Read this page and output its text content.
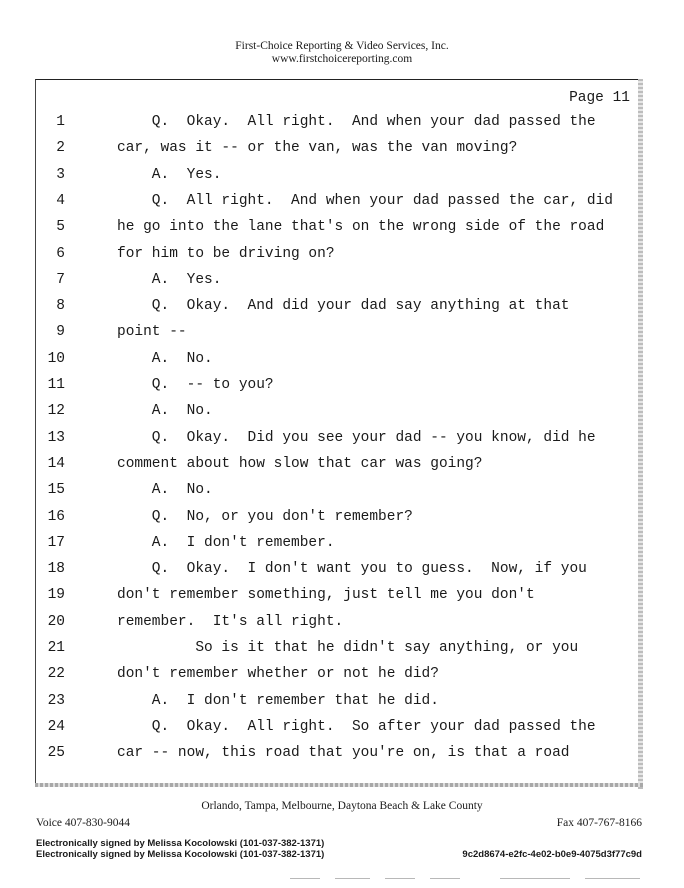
First-Choice Reporting & Video Services, Inc.
www.firstchoicereporting.com
Page 11
1	Q.  Okay.  All right.  And when your dad passed the
2	car, was it -- or the van, was the van moving?
3	A.  Yes.
4	Q.  All right.  And when your dad passed the car, did
5	he go into the lane that's on the wrong side of the road
6	for him to be driving on?
7	A.  Yes.
8	Q.  Okay.  And did your dad say anything at that
9	point --
10	A.  No.
11	Q.  -- to you?
12	A.  No.
13	Q.  Okay.  Did you see your dad -- you know, did he
14	comment about how slow that car was going?
15	A.  No.
16	Q.  No, or you don't remember?
17	A.  I don't remember.
18	Q.  Okay.  I don't want you to guess.  Now, if you
19	don't remember something, just tell me you don't
20	remember.  It's all right.
21	So is it that he didn't say anything, or you
22	don't remember whether or not he did?
23	A.  I don't remember that he did.
24	Q.  Okay.  All right.  So after your dad passed the
25	car -- now, this road that you're on, is that a road
Orlando, Tampa, Melbourne, Daytona Beach & Lake County
Voice 407-830-9044	Fax 407-767-8166
Electronically signed by Melissa Kocolowski (101-037-382-1371)
Electronically signed by Melissa Kocolowski (101-037-382-1371)	9c2d8674-e2fc-4e02-b0e9-4075d3f77c9d
